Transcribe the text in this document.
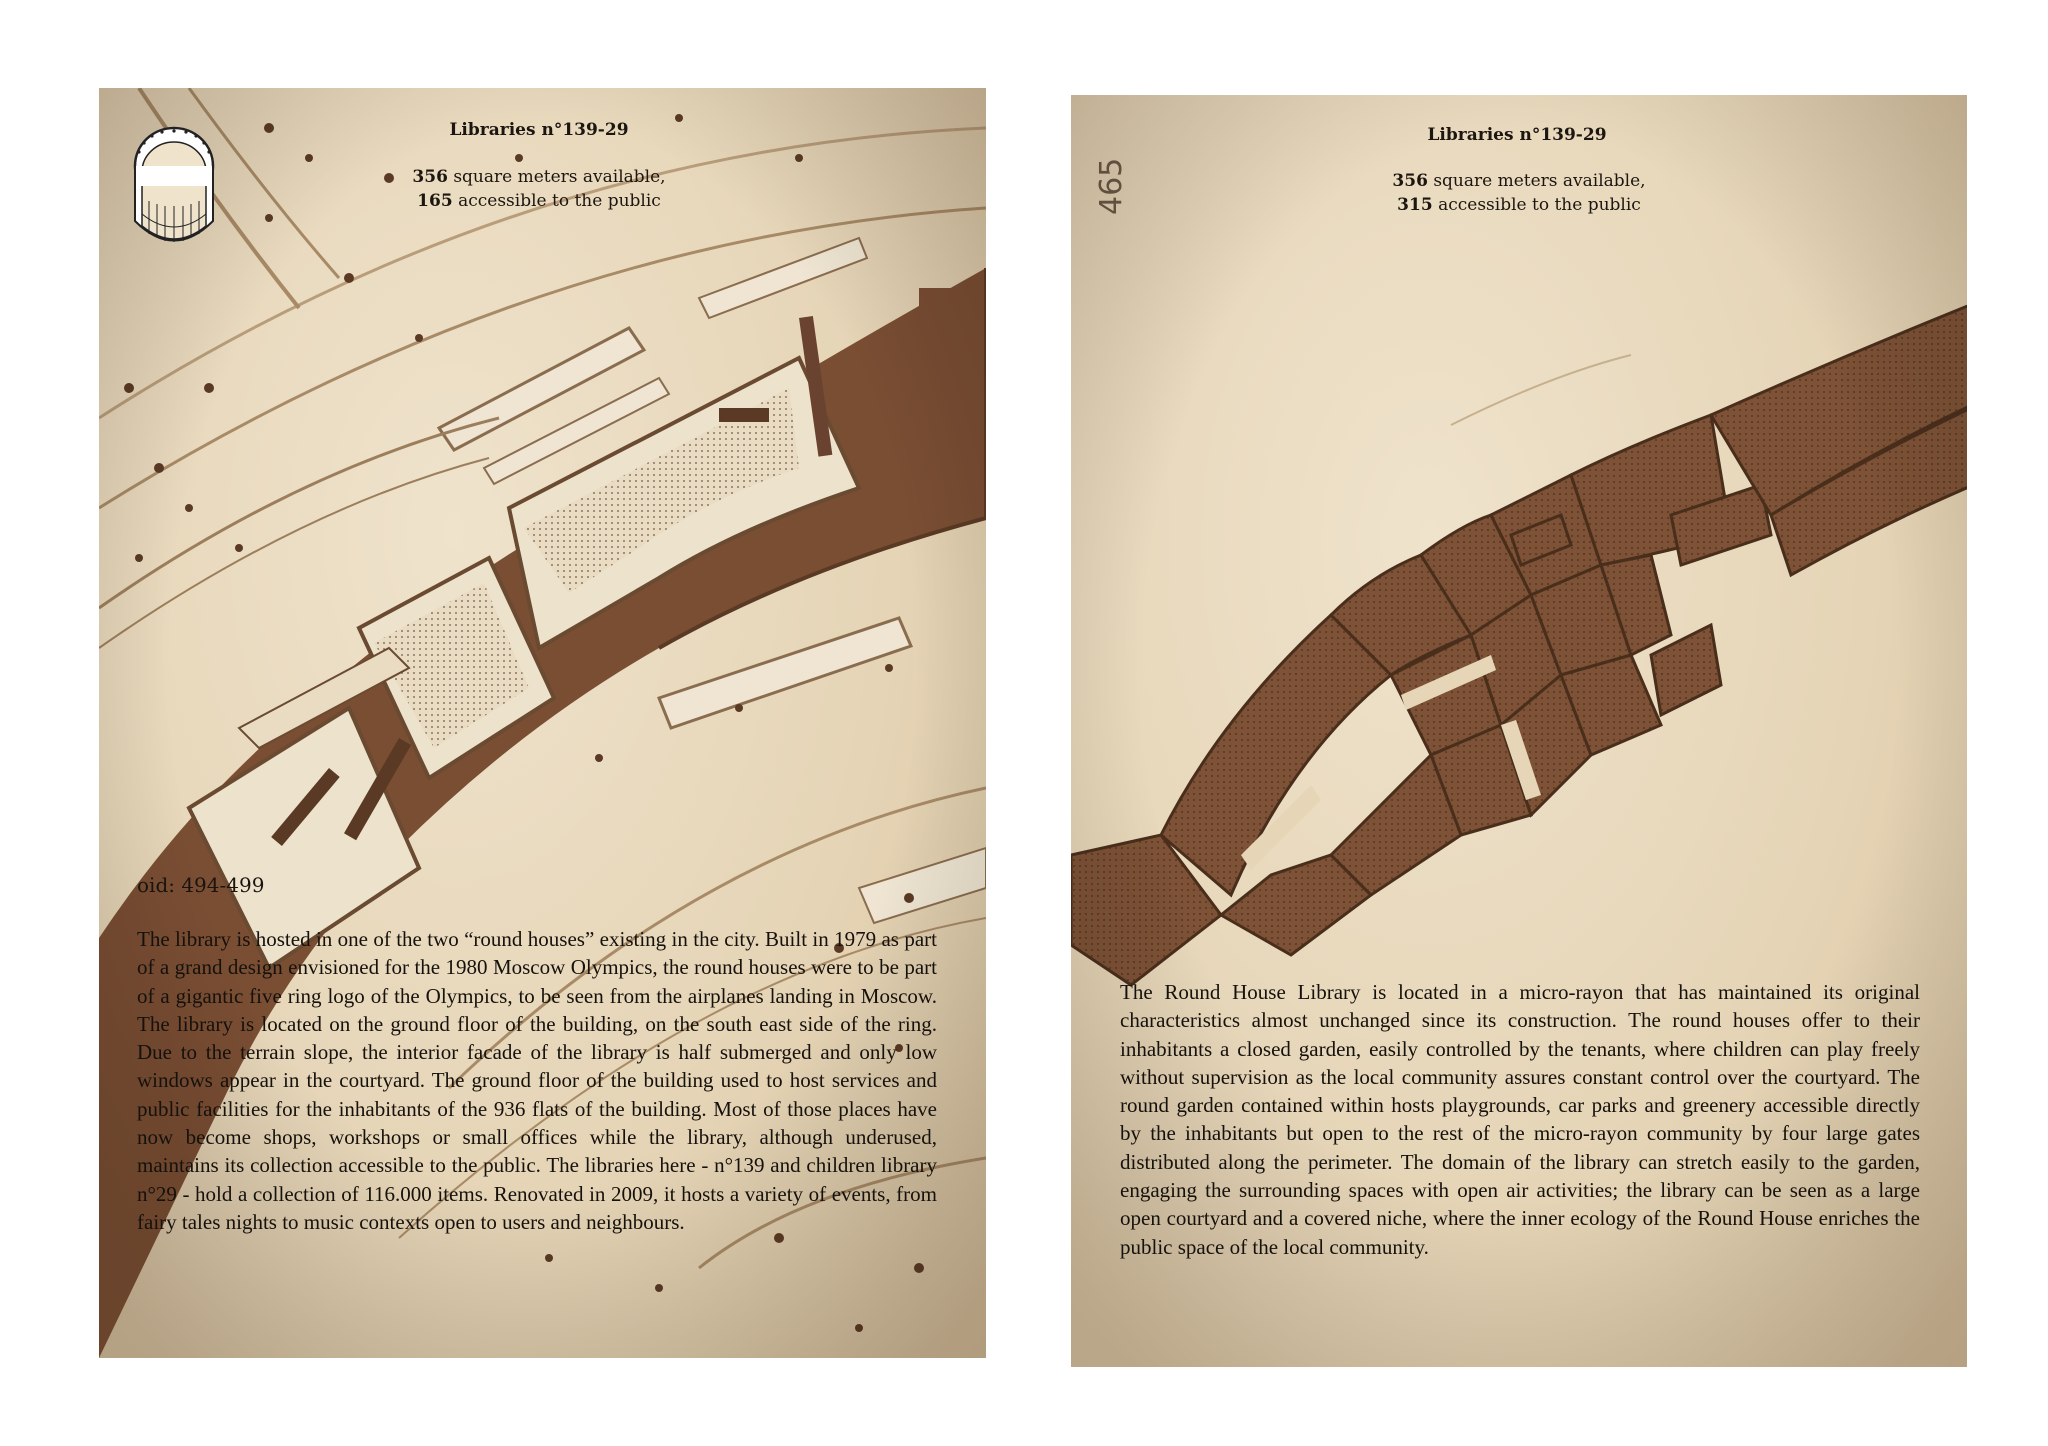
Libraries n°139-29
356 square meters available,
165 accessible to the public
oid: 494-499
The library is hosted in one of the two “round houses” existing in the city. Built in 1979 as part of a grand design envisioned for the 1980 Moscow Olympics, the round houses were to be part of a gigantic five ring logo of the Olympics, to be seen from the airplanes landing in Moscow. The library is located on the ground floor of the building, on the south east side of the ring. Due to the terrain slope, the interior facade of the library is half submerged and only low windows appear in the courtyard. The ground floor of the building used to host services and public facilities for the inhabitants of the 936 flats of the building. Most of those places have now become shops, workshops or small offices while the library, although underused, maintains its collection accessible to the public. The libraries here - n°139 and children library n°29 - hold a collection of 116.000 items. Renovated in 2009, it hosts a variety of events, from fairy tales nights to music contexts open to users and neighbours.
Libraries n°139-29
356 square meters available,
315 accessible to the public
The Round House Library is located in a micro-rayon that has maintained its original characteristics almost unchanged since its construction. The round houses offer to their inhabitants a closed garden, easily controlled by the tenants, where children can play freely without supervision as the local community assures constant control over the courtyard. The round garden contained within hosts playgrounds, car parks and greenery accessible directly by the inhabitants but open to the rest of the micro-rayon community by four large gates distributed along the perimeter. The domain of the library can stretch easily to the garden, engaging the surrounding spaces with open air activities; the library can be seen as a large open courtyard and a covered niche, where the inner ecology of the Round House enriches the public space of the local community.
